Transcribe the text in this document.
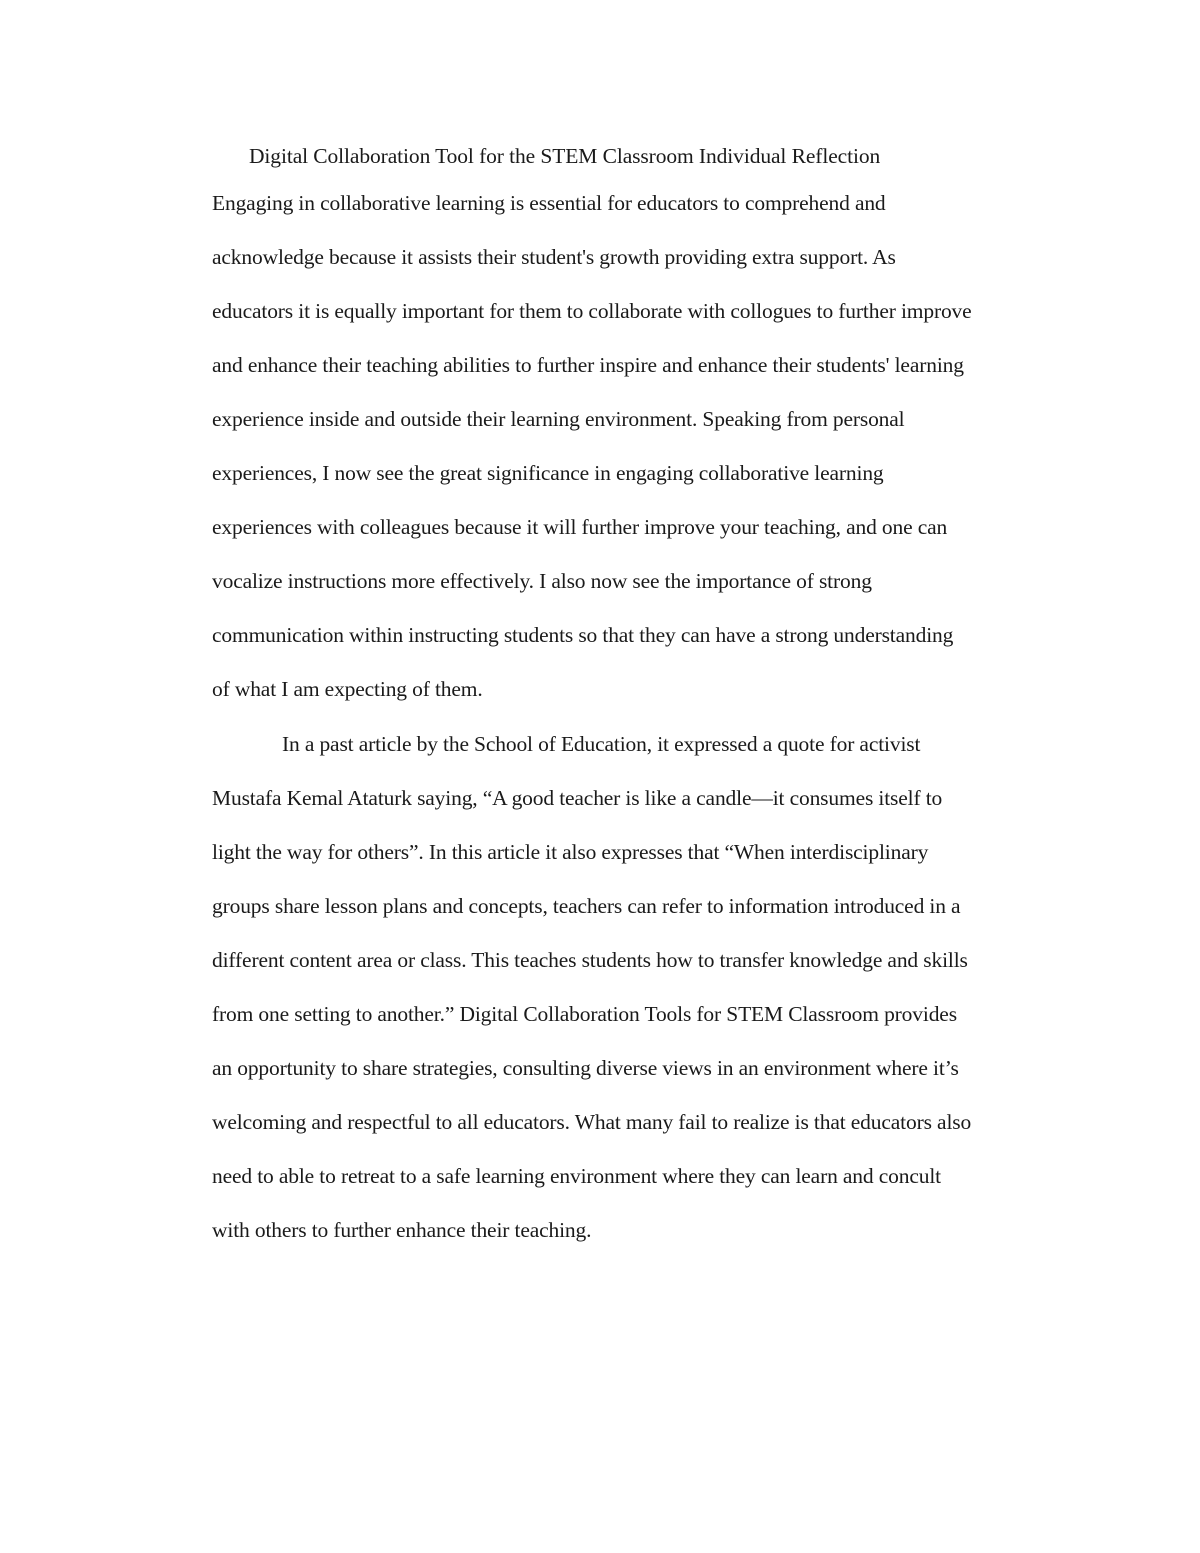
Digital Collaboration Tool for the STEM Classroom Individual Reflection
Engaging in collaborative learning is essential for educators to comprehend and
acknowledge because it assists their student's growth providing extra support. As
educators it is equally important for them to collaborate with collogues to further improve
and enhance their teaching abilities to further inspire and enhance their students' learning
experience inside and outside their learning environment. Speaking from personal
experiences, I now see the great significance in engaging collaborative learning
experiences with colleagues because it will further improve your teaching, and one can
vocalize instructions more effectively. I also now see the importance of strong
communication within instructing students so that they can have a strong understanding
of what I am expecting of them.
In a past article by the School of Education, it expressed a quote for activist
Mustafa Kemal Ataturk saying, “A good teacher is like a candle—it consumes itself to
light the way for others”. In this article it also expresses that “When interdisciplinary
groups share lesson plans and concepts, teachers can refer to information introduced in a
different content area or class. This teaches students how to transfer knowledge and skills
from one setting to another.” Digital Collaboration Tools for STEM Classroom provides
an opportunity to share strategies, consulting diverse views in an environment where it’s
welcoming and respectful to all educators. What many fail to realize is that educators also
need to able to retreat to a safe learning environment where they can learn and concult
with others to further enhance their teaching.
